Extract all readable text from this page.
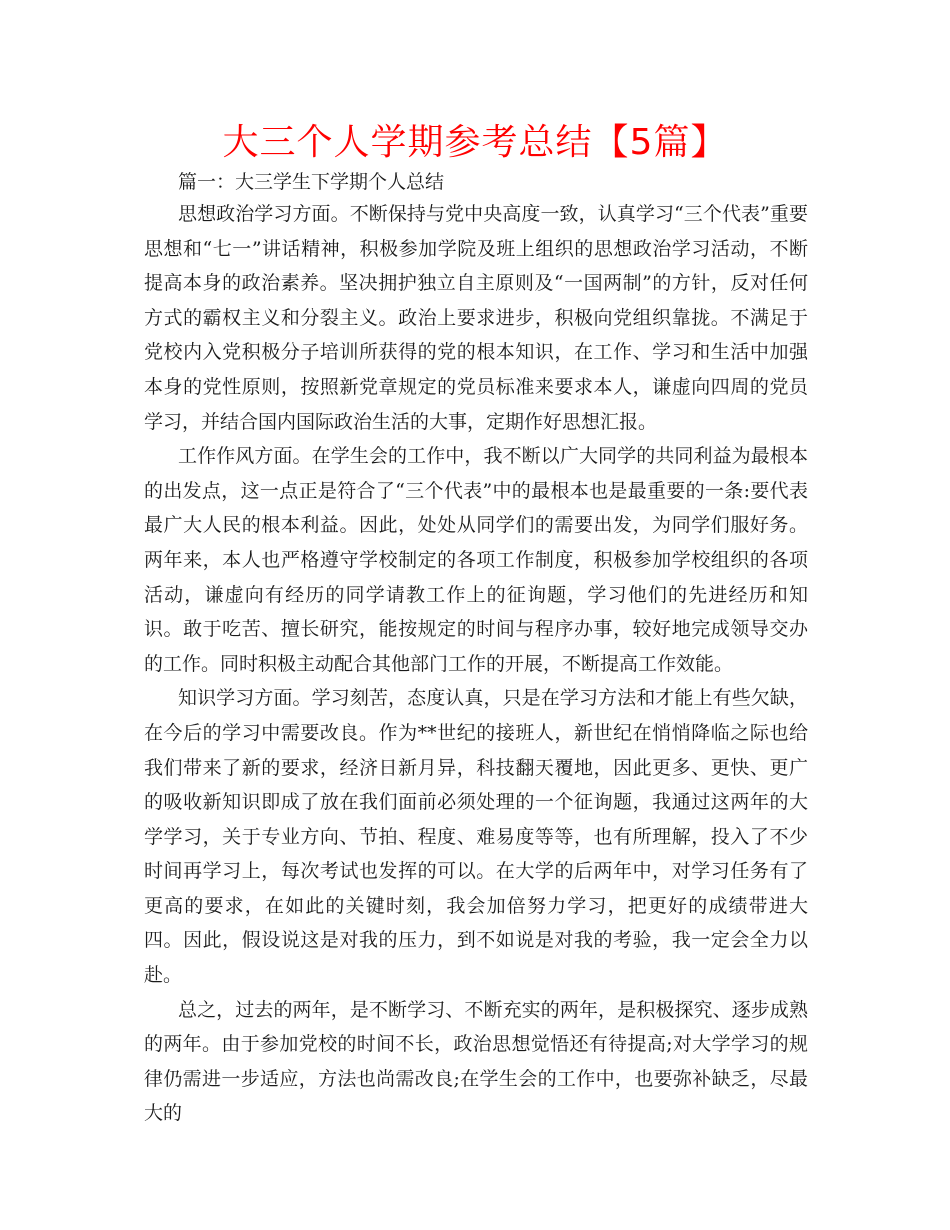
大三个人学期参考总结【5篇】

篇一：大三学生下学期个人总结

思想政治学习方面。不断保持与党中央高度一致，认真学习“三个代表”重要思想和“七一”讲话精神，积极参加学院及班上组织的思想政治学习活动，不断提高本身的政治素养。坚决拥护独立自主原则及“一国两制”的方针，反对任何方式的霸权主义和分裂主义。政治上要求进步，积极向党组织靠拢。不满足于党校内入党积极分子培训所获得的党的根本知识，在工作、学习和生活中加强本身的党性原则，按照新党章规定的党员标准来要求本人，谦虚向四周的党员学习，并结合国内国际政治生活的大事，定期作好思想汇报。

工作作风方面。在学生会的工作中，我不断以广大同学的共同利益为最根本的出发点，这一点正是符合了“三个代表”中的最根本也是最重要的一条:要代表最广大人民的根本利益。因此，处处从同学们的需要出发，为同学们服好务。两年来，本人也严格遵守学校制定的各项工作制度，积极参加学校组织的各项活动，谦虚向有经历的同学请教工作上的征询题，学习他们的先进经历和知识。敢于吃苦、擅长研究，能按规定的时间与程序办事，较好地完成领导交办的工作。同时积极主动配合其他部门工作的开展，不断提高工作效能。

知识学习方面。学习刻苦，态度认真，只是在学习方法和才能上有些欠缺，在今后的学习中需要改良。作为**世纪的接班人，新世纪在悄悄降临之际也给我们带来了新的要求，经济日新月异，科技翻天覆地，因此更多、更快、更广的吸收新知识即成了放在我们面前必须处理的一个征询题，我通过这两年的大学学习，关于专业方向、节拍、程度、难易度等等，也有所理解，投入了不少时间再学习上，每次考试也发挥的可以。在大学的后两年中，对学习任务有了更高的要求，在如此的关键时刻，我会加倍努力学习，把更好的成绩带进大四。因此，假设说这是对我的压力，到不如说是对我的考验，我一定会全力以赴。

总之，过去的两年，是不断学习、不断充实的两年，是积极探究、逐步成熟的两年。由于参加党校的时间不长，政治思想觉悟还有待提高;对大学学习的规律仍需进一步适应，方法也尚需改良;在学生会的工作中，也要弥补缺乏，尽最大的
